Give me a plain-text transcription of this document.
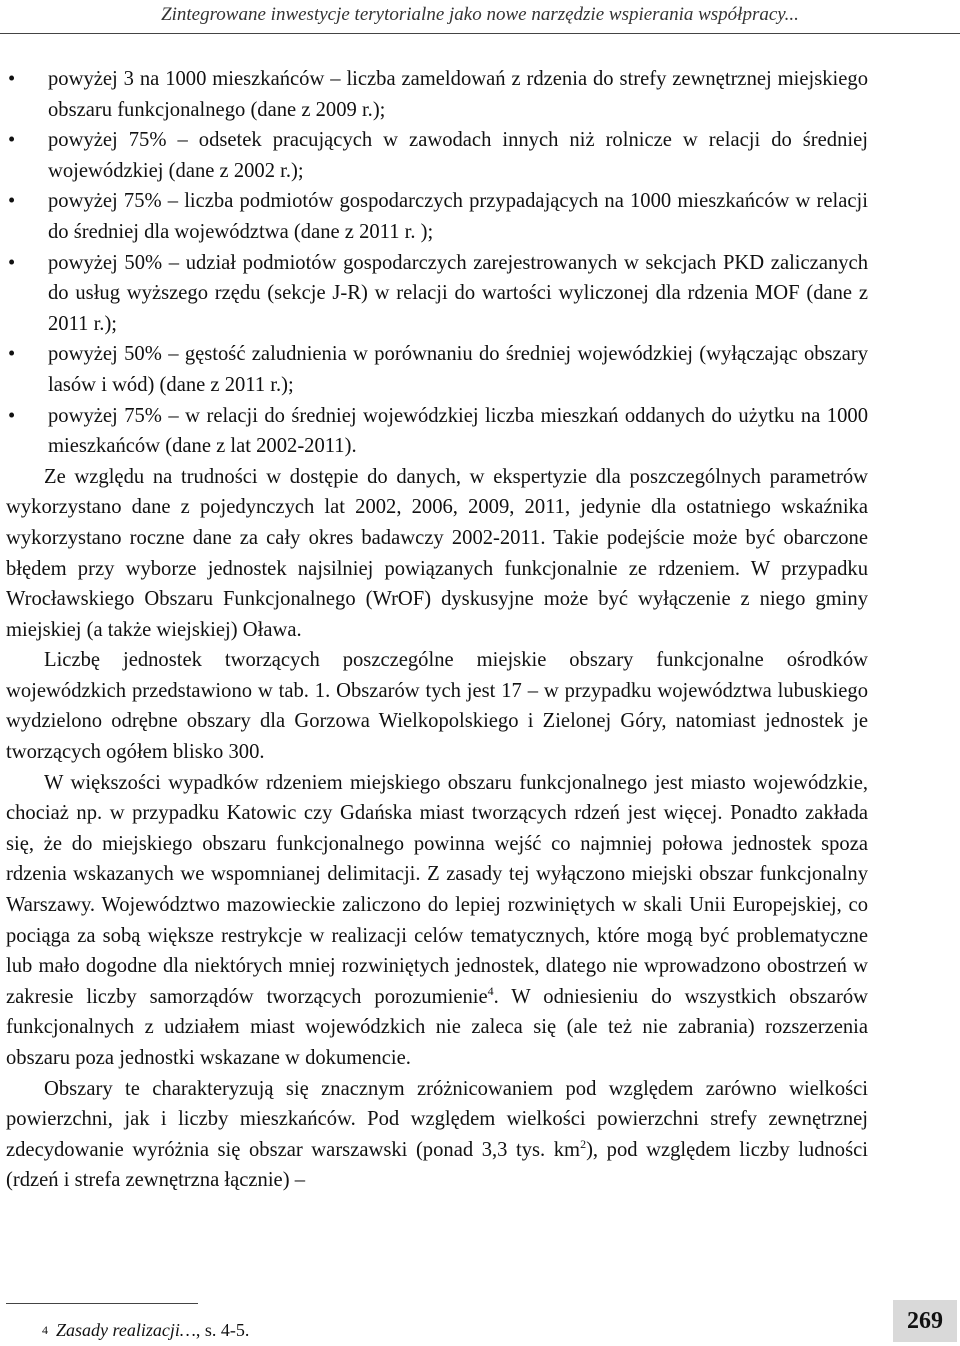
Zintegrowane inwestycje terytorialne jako nowe narzędzie wspierania współpracy...
• powyżej 3 na 1000 mieszkańców – liczba zameldowań z rdzenia do strefy zewnętrznej miejskiego obszaru funkcjonalnego (dane z 2009 r.);
• powyżej 75% – odsetek pracujących w zawodach innych niż rolnicze w relacji do średniej wojewódzkiej (dane z 2002 r.);
• powyżej 75% – liczba podmiotów gospodarczych przypadających na 1000 mieszkańców w relacji do średniej dla województwa (dane z 2011 r. );
• powyżej 50% – udział podmiotów gospodarczych zarejestrowanych w sekcjach PKD zaliczanych do usług wyższego rzędu (sekcje J-R) w relacji do wartości wyliczonej dla rdzenia MOF (dane z 2011 r.);
• powyżej 50% – gęstość zaludnienia w porównaniu do średniej wojewódzkiej (wyłączając obszary lasów i wód) (dane z 2011 r.);
• powyżej 75% – w relacji do średniej wojewódzkiej liczba mieszkań oddanych do użytku na 1000 mieszkańców (dane z lat 2002-2011).

Ze względu na trudności w dostępie do danych, w ekspertyzie dla poszczególnych parametrów wykorzystano dane z pojedynczych lat 2002, 2006, 2009, 2011, jedynie dla ostatniego wskaźnika wykorzystano roczne dane za cały okres badawczy 2002-2011. Takie podejście może być obarczone błędem przy wyborze jednostek najsilniej powiązanych funkcjonalnie ze rdzeniem. W przypadku Wrocławskiego Obszaru Funkcjonalnego (WrOF) dyskusyjne może być wyłączenie z niego gminy miejskiej (a także wiejskiej) Oława.

Liczbę jednostek tworzących poszczególne miejskie obszary funkcjonalne ośrodków wojewódzkich przedstawiono w tab. 1. Obszarów tych jest 17 – w przypadku województwa lubuskiego wydzielono odrębne obszary dla Gorzowa Wielkopolskiego i Zielonej Góry, natomiast jednostek je tworzących ogółem blisko 300.

W większości wypadków rdzeniem miejskiego obszaru funkcjonalnego jest miasto wojewódzkie, chociaż np. w przypadku Katowic czy Gdańska miast tworzących rdzeń jest więcej. Ponadto zakłada się, że do miejskiego obszaru funkcjonalnego powinna wejść co najmniej połowa jednostek spoza rdzenia wskazanych we wspomnianej delimitacji. Z zasady tej wyłączono miejski obszar funkcjonalny Warszawy. Województwo mazowieckie zaliczono do lepiej rozwiniętych w skali Unii Europejskiej, co pociąga za sobą większe restrykcje w realizacji celów tematycznych, które mogą być problematyczne lub mało dogodne dla niektórych mniej rozwiniętych jednostek, dlatego nie wprowadzono obostrzeń w zakresie liczby samorządów tworzących porozumienie$^4$. W odniesieniu do wszystkich obszarów funkcjonalnych z udziałem miast wojewódzkich nie zaleca się (ale też nie zabrania) rozszerzenia obszaru poza jednostki wskazane w dokumencie.

Obszary te charakteryzują się znacznym zróżnicowaniem pod względem zarówno wielkości powierzchni, jak i liczby mieszkańców. Pod względem wielkości powierzchni strefy zewnętrznej zdecydowanie wyróżnia się obszar warszawski (ponad 3,3 tys. $km^2$), pod względem liczby ludności (rdzeń i strefa zewnętrzna łącznie) –

$^4$ Zasady realizacji…, s. 4-5.	269
